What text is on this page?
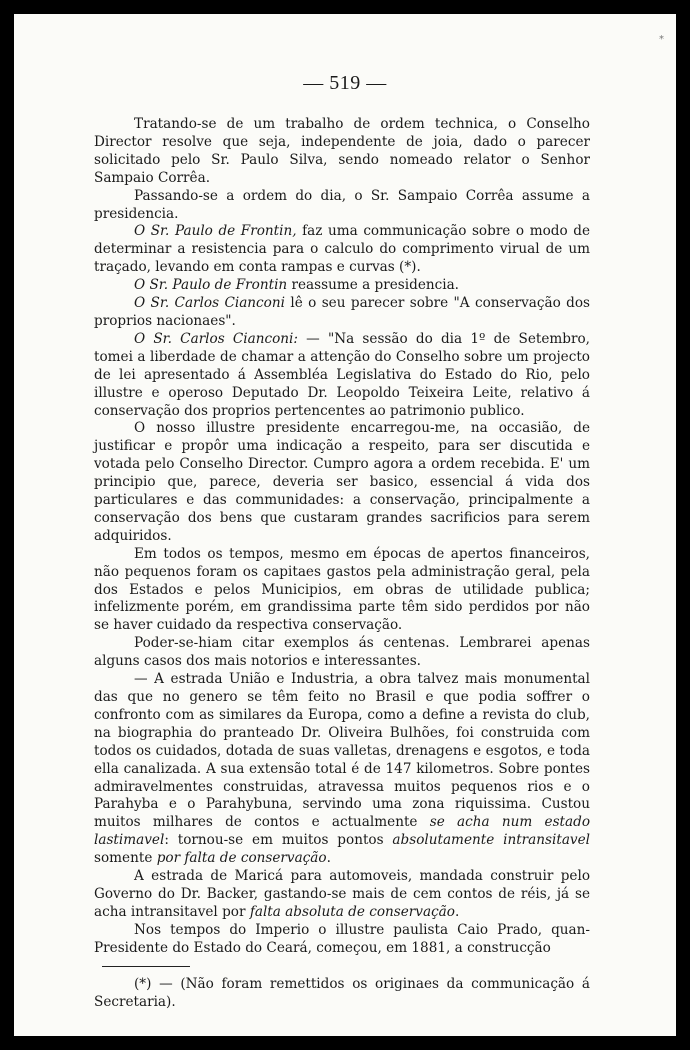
*
— 519 —

Tratando-se de um trabalho de ordem technica, o Conselho Director resolve que seja, independente de joia, dado o parecer solicitado pelo Sr. Paulo Silva, sendo nomeado relator o Senhor Sampaio Corrêa.

Passando-se a ordem do dia, o Sr. Sampaio Corrêa assume a presidencia.

O Sr. Paulo de Frontin, faz uma communicação sobre o modo de determinar a resistencia para o calculo do comprimento virual de um traçado, levando em conta rampas e curvas (*).

O Sr. Paulo de Frontin reassume a presidencia.

O Sr. Carlos Cianconi lê o seu parecer sobre "A conservação dos proprios nacionaes".

O Sr. Carlos Cianconi: — "Na sessão do dia 1º de Setembro, tomei a liberdade de chamar a attenção do Conselho sobre um projecto de lei apresentado á Assembléa Legislativa do Estado do Rio, pelo illustre e operoso Deputado Dr. Leopoldo Teixeira Leite, relativo á conservação dos proprios pertencentes ao patrimonio publico.

O nosso illustre presidente encarregou-me, na occasião, de justificar e propôr uma indicação a respeito, para ser discutida e votada pelo Conselho Director. Cumpro agora a ordem recebida. E' um principio que, parece, deveria ser basico, essencial á vida dos particulares e das communidades: a conservação, principalmente a conservação dos bens que custaram grandes sacrificios para serem adquiridos.

Em todos os tempos, mesmo em épocas de apertos financeiros, não pequenos foram os capitaes gastos pela administração geral, pela dos Estados e pelos Municipios, em obras de utilidade publica; infelizmente porém, em grandissima parte têm sido perdidos por não se haver cuidado da respectiva conservação.

Poder-se-hiam citar exemplos ás centenas. Lembrarei apenas alguns casos dos mais notorios e interessantes.

— A estrada União e Industria, a obra talvez mais monumental das que no genero se têm feito no Brasil e que podia soffrer o confronto com as similares da Europa, como a define a revista do club, na biographia do pranteado Dr. Oliveira Bulhões, foi construida com todos os cuidados, dotada de suas valletas, drenagens e esgotos, e toda ella canalizada. A sua extensão total é de 147 kilometros. Sobre pontes admiravelmentes construidas, atravessa muitos pequenos rios e o Parahyba e o Parahybuna, servindo uma zona riquissima. Custou muitos milhares de contos e actualmente se acha num estado lastimavel: tornou-se em muitos pontos absolutamente intransitavel somente por falta de conservação.

A estrada de Maricá para automoveis, mandada construir pelo Governo do Dr. Backer, gastando-se mais de cem contos de réis, já se acha intransitavel por falta absoluta de conservação.

Nos tempos do Imperio o illustre paulista Caio Prado, quan-Presidente do Estado do Ceará, começou, em 1881, a construcção

(*) — (Não foram remettidos os originaes da communicação á Secretaria).
